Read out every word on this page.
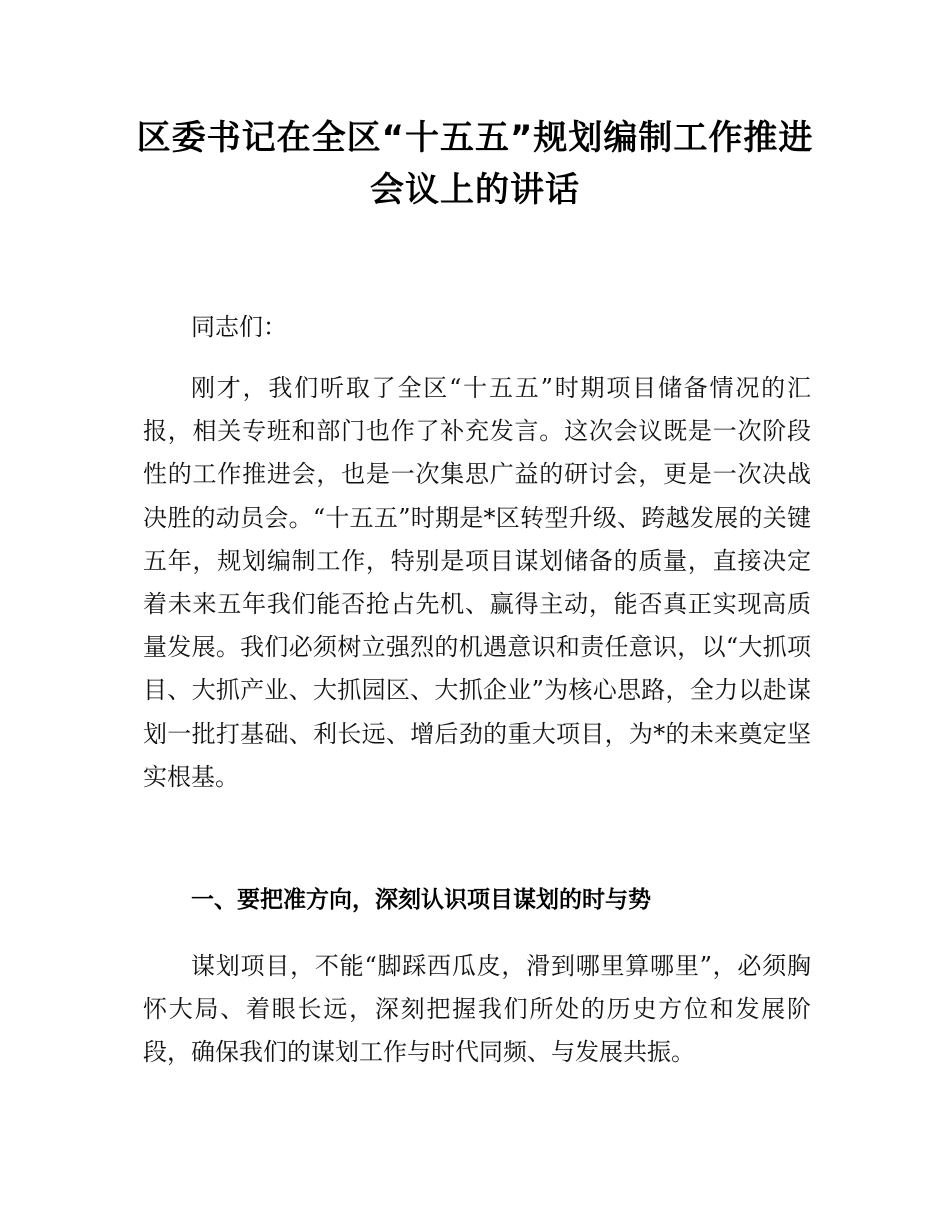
区委书记在全区“十五五”规划编制工作推进会议上的讲话

同志们：

刚才，我们听取了全区“十五五”时期项目储备情况的汇报，相关专班和部门也作了补充发言。这次会议既是一次阶段性的工作推进会，也是一次集思广益的研讨会，更是一次决战决胜的动员会。“十五五”时期是*区转型升级、跨越发展的关键五年，规划编制工作，特别是项目谋划储备的质量，直接决定着未来五年我们能否抢占先机、赢得主动，能否真正实现高质量发展。我们必须树立强烈的机遇意识和责任意识，以“大抓项目、大抓产业、大抓园区、大抓企业”为核心思路，全力以赴谋划一批打基础、利长远、增后劲的重大项目，为*的未来奠定坚实根基。

一、要把准方向，深刻认识项目谋划的时与势

谋划项目，不能“脚踩西瓜皮，滑到哪里算哪里”，必须胸怀大局、着眼长远，深刻把握我们所处的历史方位和发展阶段，确保我们的谋划工作与时代同频、与发展共振。
